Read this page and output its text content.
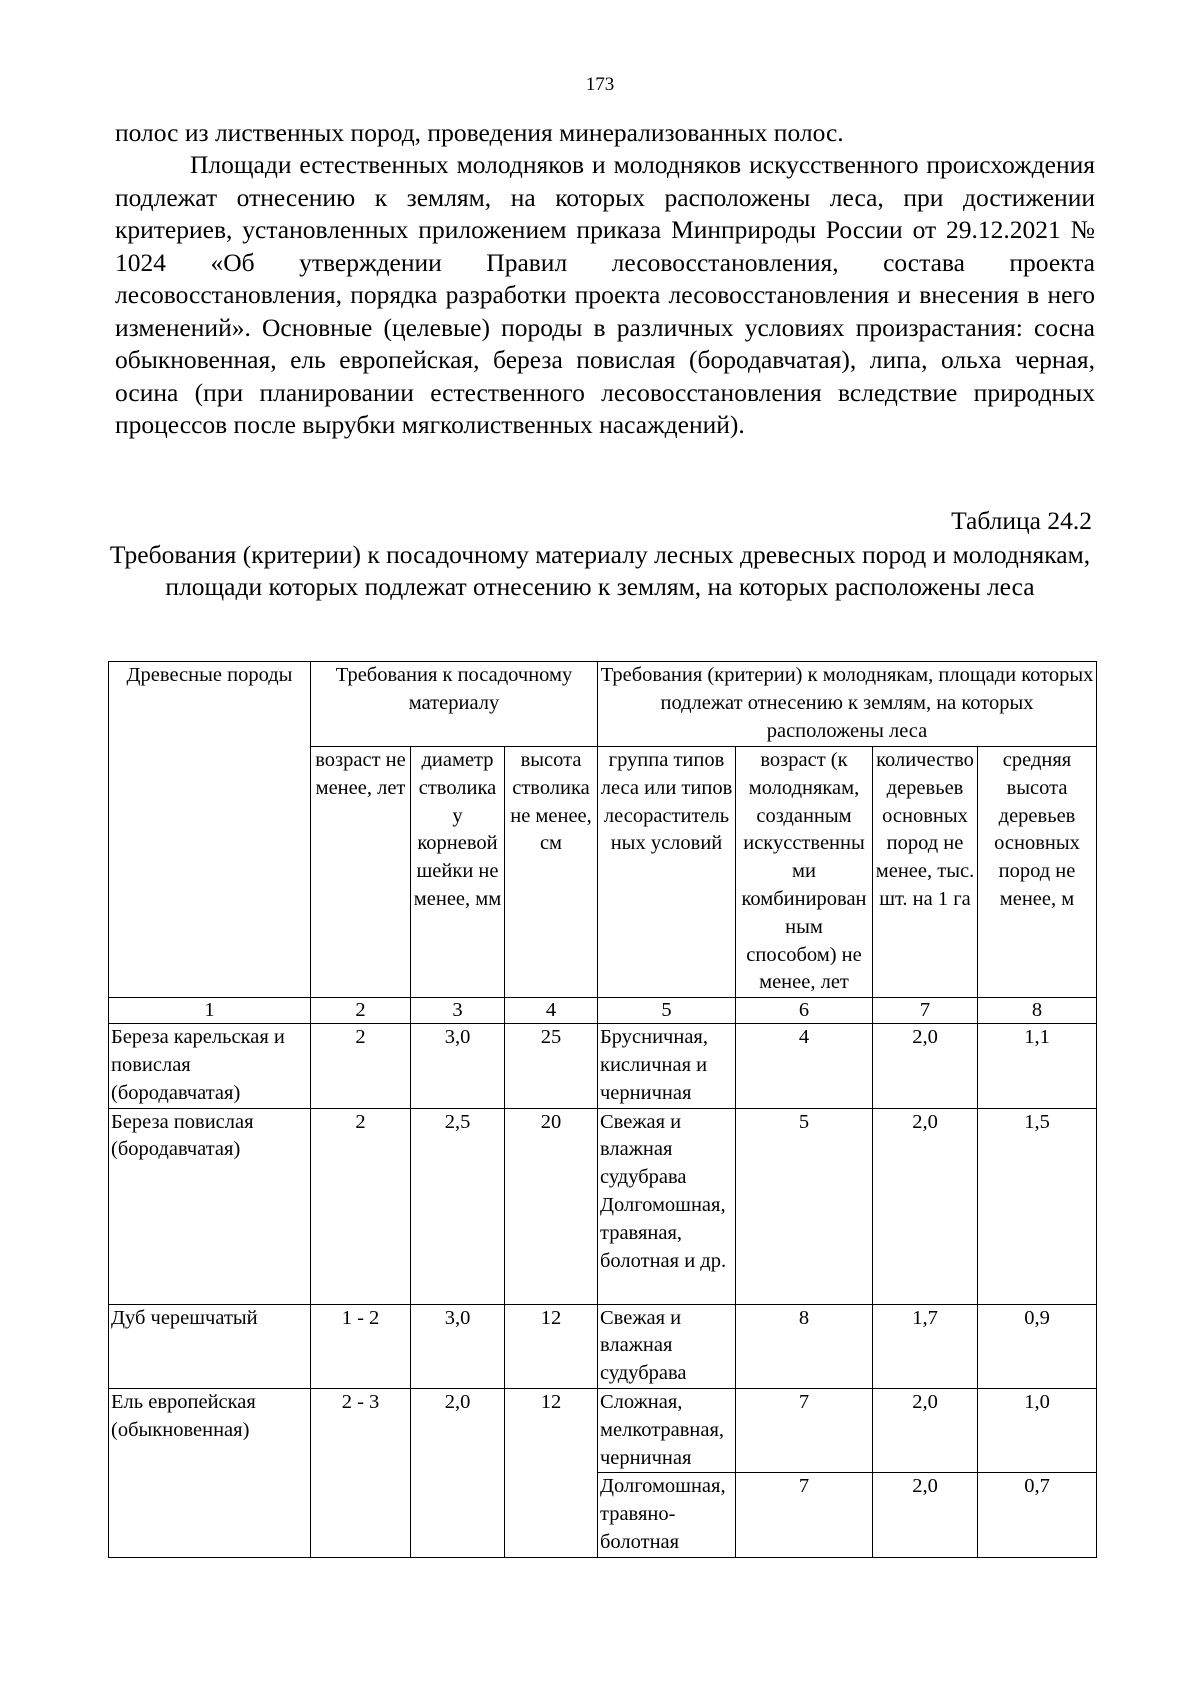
173

полос из лиственных пород, проведения минерализованных полос.

Площади естественных молодняков и молодняков искусственного происхождения подлежат отнесению к землям, на которых расположены леса, при достижении критериев, установленных приложением приказа Минприроды России от 29.12.2021 № 1024 «Об утверждении Правил лесовосстановления, состава проекта лесовосстановления, порядка разработки проекта лесовосстановления и внесения в него изменений». Основные (целевые) породы в различных условиях произрастания: сосна обыкновенная, ель европейская, береза повислая (бородавчатая), липа, ольха черная, осина (при планировании естественного лесовосстановления вследствие природных процессов после вырубки мягколиственных насаждений).

Таблица 24.2

Требования (критерии) к посадочному материалу лесных древесных пород и молоднякам, площади которых подлежат отнесению к землям, на которых расположены леса

Древесные породы	Требования к посадочному материалу			Требования (критерии) к молоднякам, площади которых подлежат отнесению к землям, на которых расположены леса			
	возраст не менее, лет	диаметр стволика у корневой шейки не менее, мм	высота стволика не менее, см	группа типов леса или типов лесорастительных условий	возраст (к молоднякам, созданным искусственными комбинированным способом) не менее, лет	количество деревьев основных пород не менее, тыс. шт. на 1 га	средняя высота деревьев основных пород не менее, м
1	2	3	4	5	6	7	8
Береза карельская и повислая (бородавчатая)	2	3,0	25	Брусничная, кисличная и черничная	4	2,0	1,1
Береза повислая (бородавчатая)	2	2,5	20	Свежая и влажная судубрава Долгомошная, травяная, болотная и др.	5	2,0	1,5
Дуб черешчатый	1 - 2	3,0	12	Свежая и влажная судубрава	8	1,7	0,9
Ель европейская (обыкновенная)	2 - 3	2,0	12	Сложная, мелкотравная, черничная	7	2,0	1,0
				Долгомошная, травяно-болотная	7	2,0	0,7
